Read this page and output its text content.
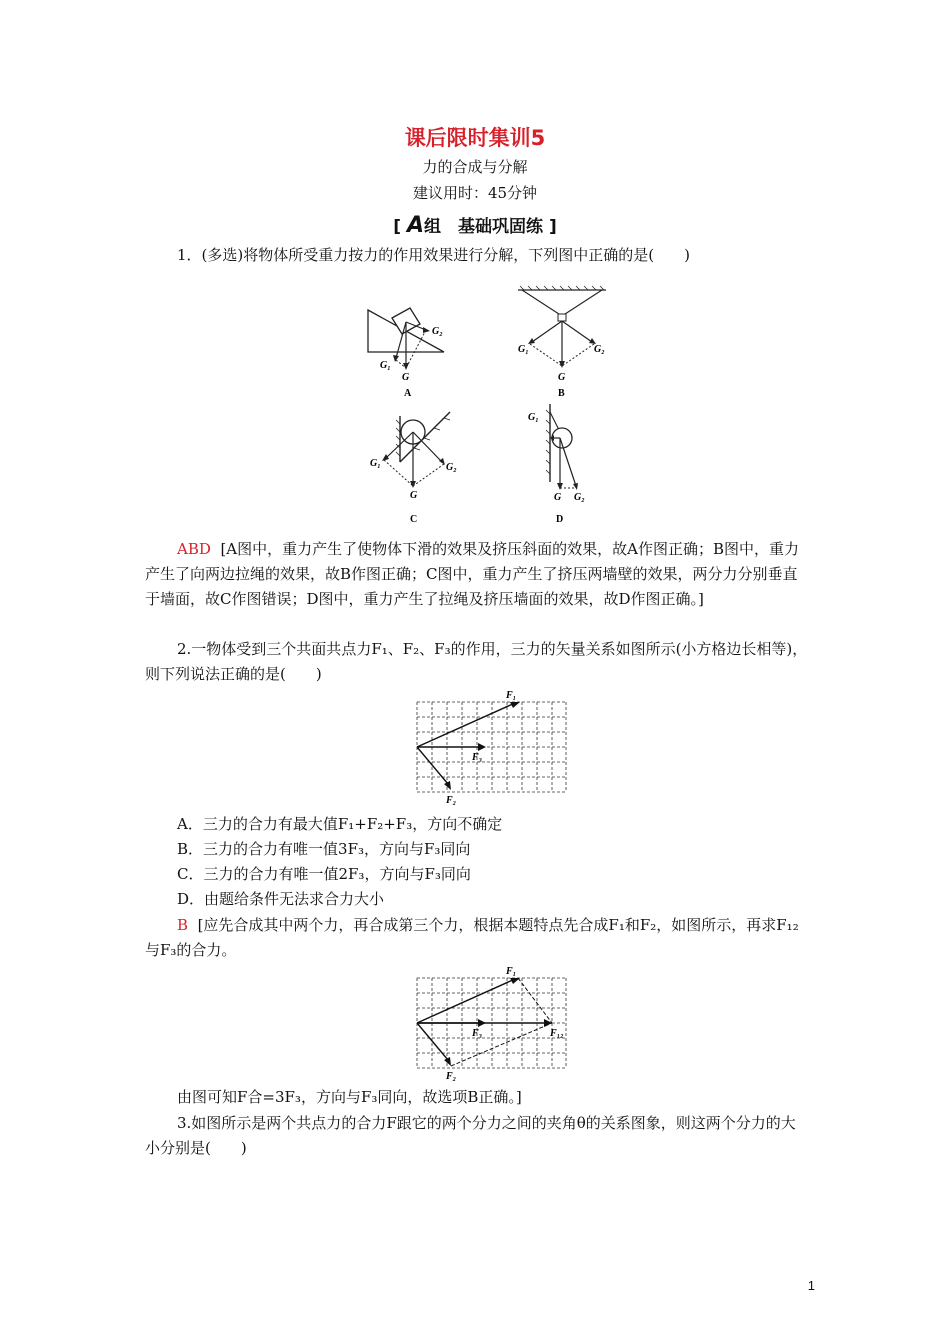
课后限时集训5
力的合成与分解
建议用时：45分钟
[ A组　基础巩固练 ]
1．(多选)将物体所受重力按力的作用效果进行分解，下列图中正确的是(　　)
G₂
G₁
G
A
G₁	G₂
G
B
G₁	G₂
G
C
G₁
G G₂
D
ABD [A图中，重力产生了使物体下滑的效果及挤压斜面的效果，故A作图正确；B图中，重力产生了向两边拉绳的效果，故B作图正确；C图中，重力产生了挤压两墙壁的效果，两分力分别垂直于墙面，故C作图错误；D图中，重力产生了拉绳及挤压墙面的效果，故D作图正确。]
2.一物体受到三个共面共点力F₁、F₂、F₃的作用，三力的矢量关系如图所示(小方格边长相等)，则下列说法正确的是(　　)
F₁
F₃
F₂
A．三力的合力有最大值F₁+F₂+F₃，方向不确定
B．三力的合力有唯一值3F₃，方向与F₃同向
C．三力的合力有唯一值2F₃，方向与F₃同向
D．由题给条件无法求合力大小
B [应先合成其中两个力，再合成第三个力，根据本题特点先合成F₁和F₂，如图所示，再求F₁₂与F₃的合力。
F₁
F₃
F₂
F₁₂
由图可知F合=3F₃，方向与F₃同向，故选项B正确。]
3.如图所示是两个共点力的合力F跟它的两个分力之间的夹角θ的关系图象，则这两个分力的大小分别是(　　)
1
